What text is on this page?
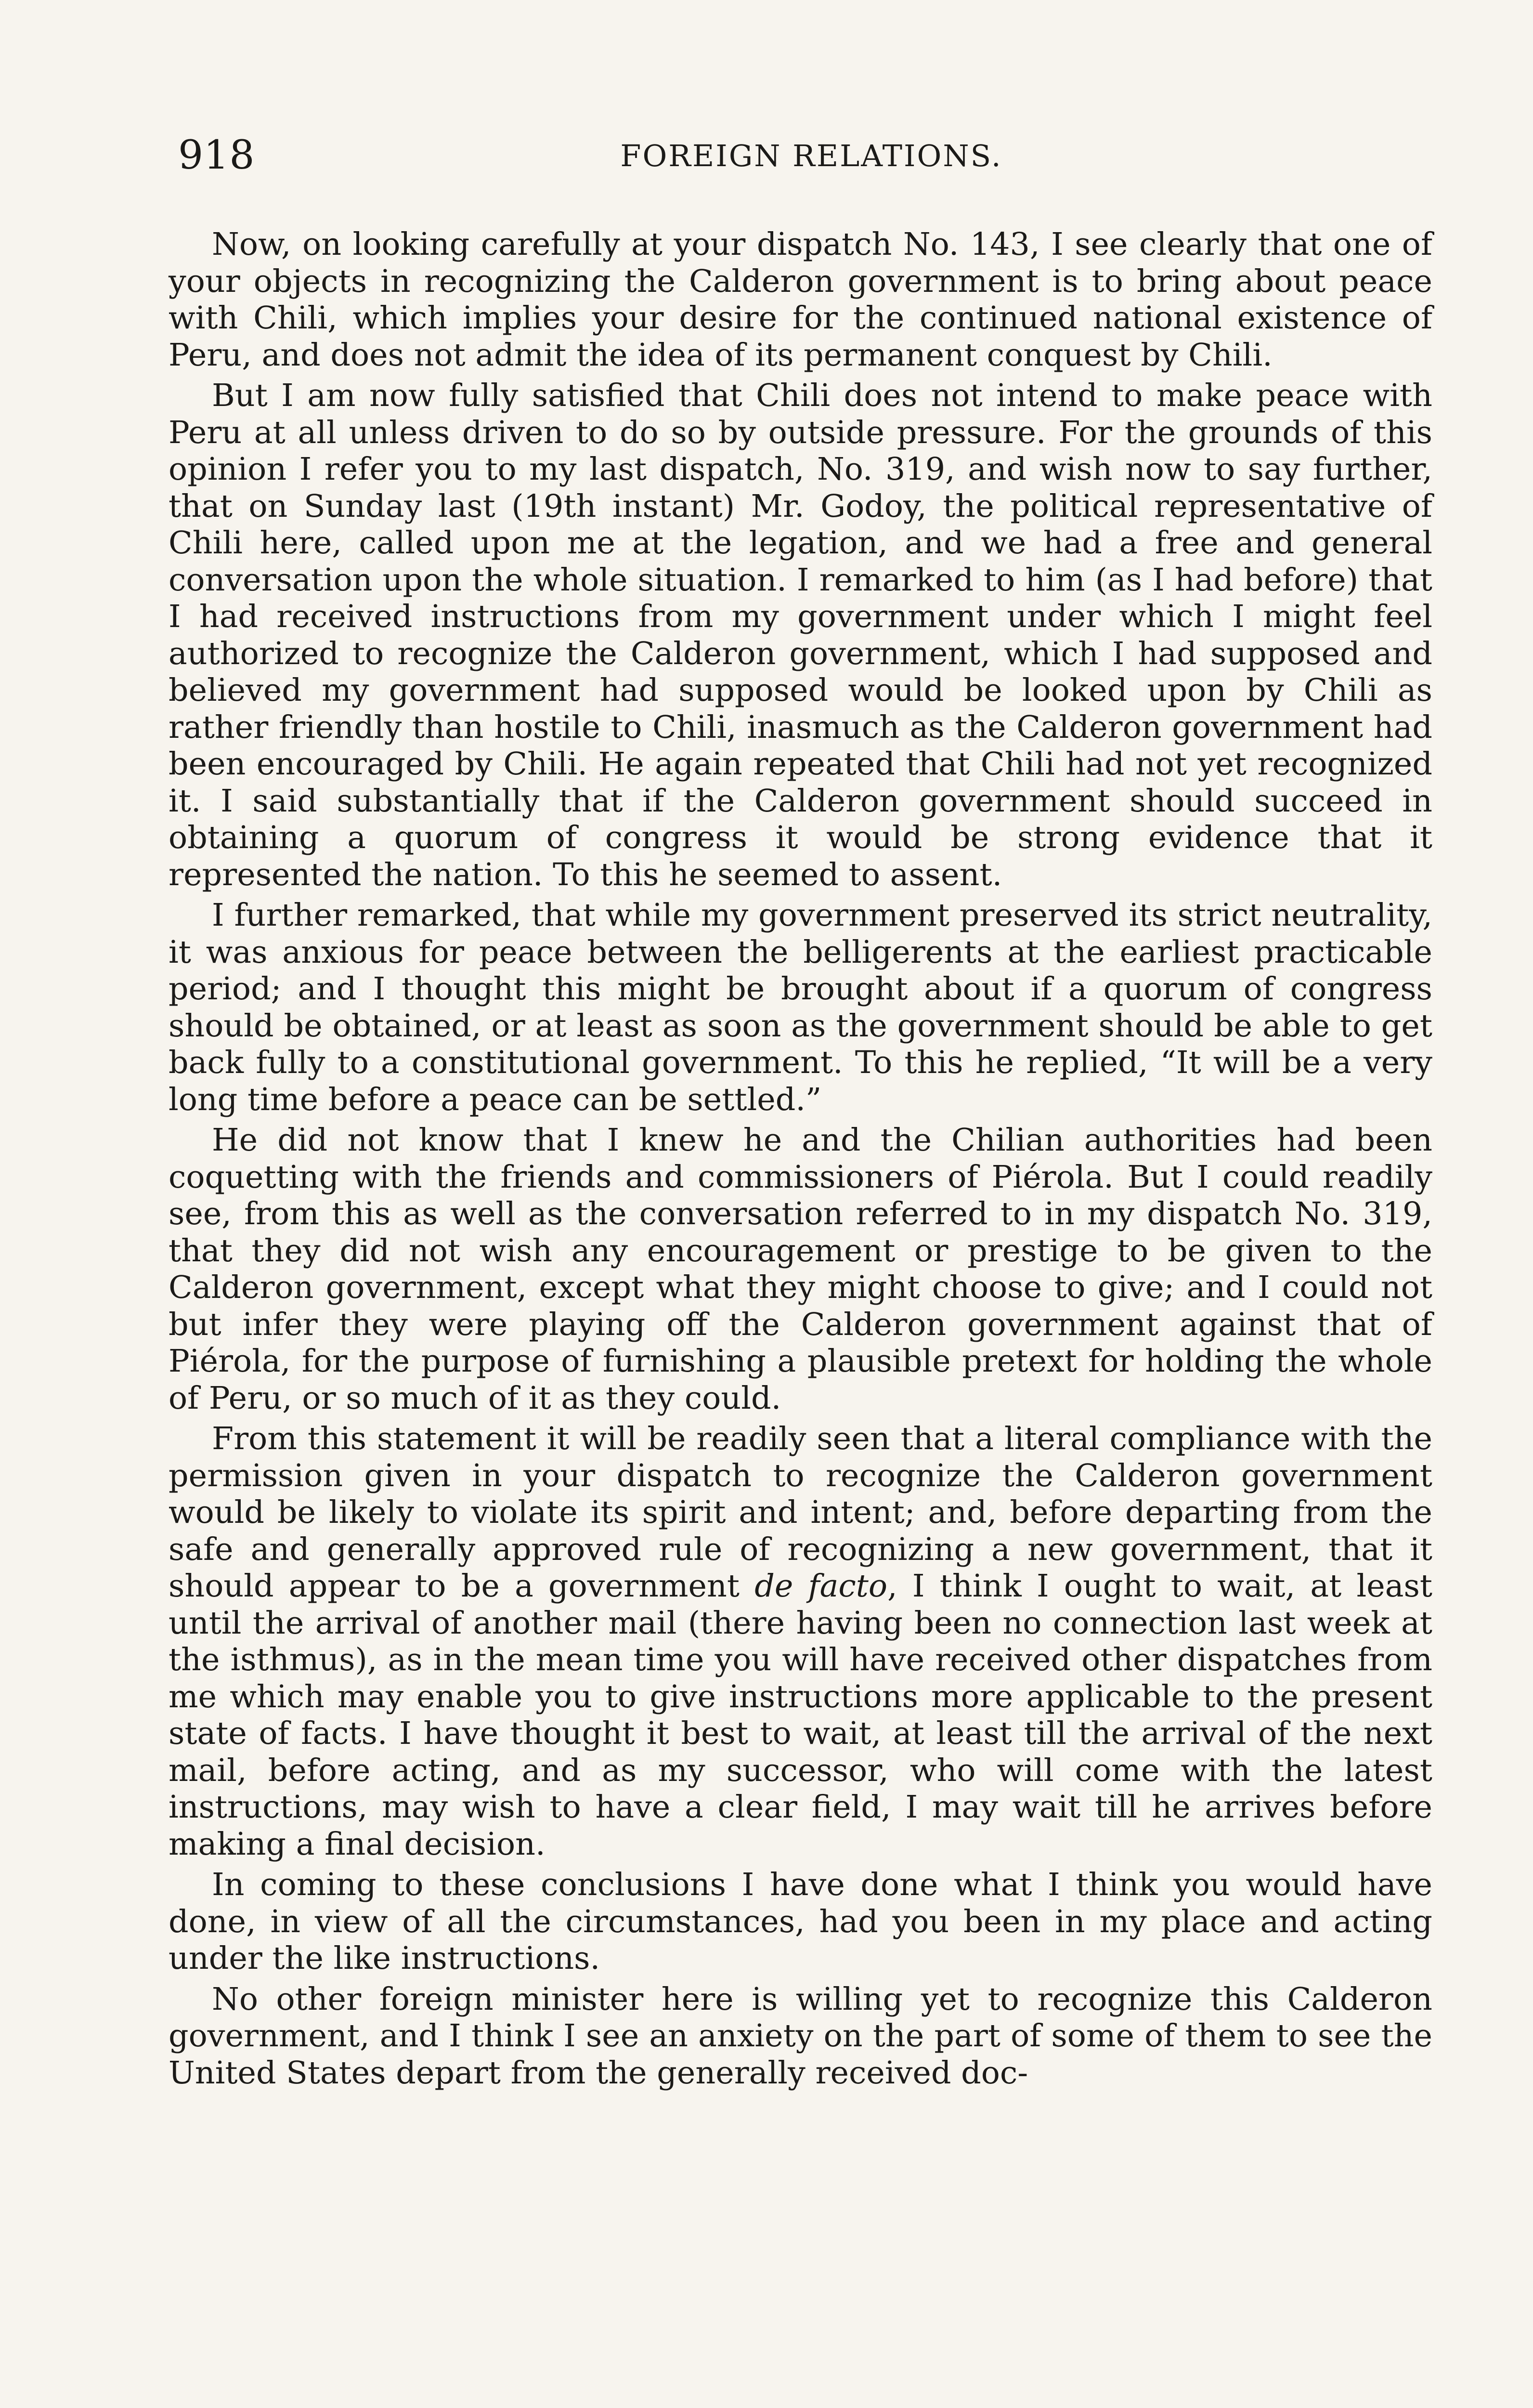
918	FOREIGN RELATIONS.

Now, on looking carefully at your dispatch No. 143, I see clearly that one of your objects in recognizing the Calderon government is to bring about peace with Chili, which implies your desire for the continued national existence of Peru, and does not admit the idea of its permanent conquest by Chili.

But I am now fully satisfied that Chili does not intend to make peace with Peru at all unless driven to do so by outside pressure. For the grounds of this opinion I refer you to my last dispatch, No. 319, and wish now to say further, that on Sunday last (19th instant) Mr. Godoy, the political representative of Chili here, called upon me at the legation, and we had a free and general conversation upon the whole situation. I remarked to him (as I had before) that I had received instructions from my government under which I might feel authorized to recognize the Calderon government, which I had supposed and believed my government had supposed would be looked upon by Chili as rather friendly than hostile to Chili, inasmuch as the Calderon government had been encouraged by Chili. He again repeated that Chili had not yet recognized it. I said substantially that if the Calderon government should succeed in obtaining a quorum of congress it would be strong evidence that it represented the nation. To this he seemed to assent.

I further remarked, that while my government preserved its strict neutrality, it was anxious for peace between the belligerents at the earliest practicable period; and I thought this might be brought about if a quorum of congress should be obtained, or at least as soon as the government should be able to get back fully to a constitutional government. To this he replied, “It will be a very long time before a peace can be settled.”

He did not know that I knew he and the Chilian authorities had been coquetting with the friends and commissioners of Piérola. But I could readily see, from this as well as the conversation referred to in my dispatch No. 319, that they did not wish any encouragement or prestige to be given to the Calderon government, except what they might choose to give; and I could not but infer they were playing off the Calderon government against that of Piérola, for the purpose of furnishing a plausible pretext for holding the whole of Peru, or so much of it as they could.

From this statement it will be readily seen that a literal compliance with the permission given in your dispatch to recognize the Calderon government would be likely to violate its spirit and intent; and, before departing from the safe and generally approved rule of recognizing a new government, that it should appear to be a government de facto, I think I ought to wait, at least until the arrival of another mail (there having been no connection last week at the isthmus), as in the mean time you will have received other dispatches from me which may enable you to give instructions more applicable to the present state of facts. I have thought it best to wait, at least till the arrival of the next mail, before acting, and as my successor, who will come with the latest instructions, may wish to have a clear field, I may wait till he arrives before making a final decision.

In coming to these conclusions I have done what I think you would have done, in view of all the circumstances, had you been in my place and acting under the like instructions.

No other foreign minister here is willing yet to recognize this Calderon government, and I think I see an anxiety on the part of some of them to see the United States depart from the generally received doc-
